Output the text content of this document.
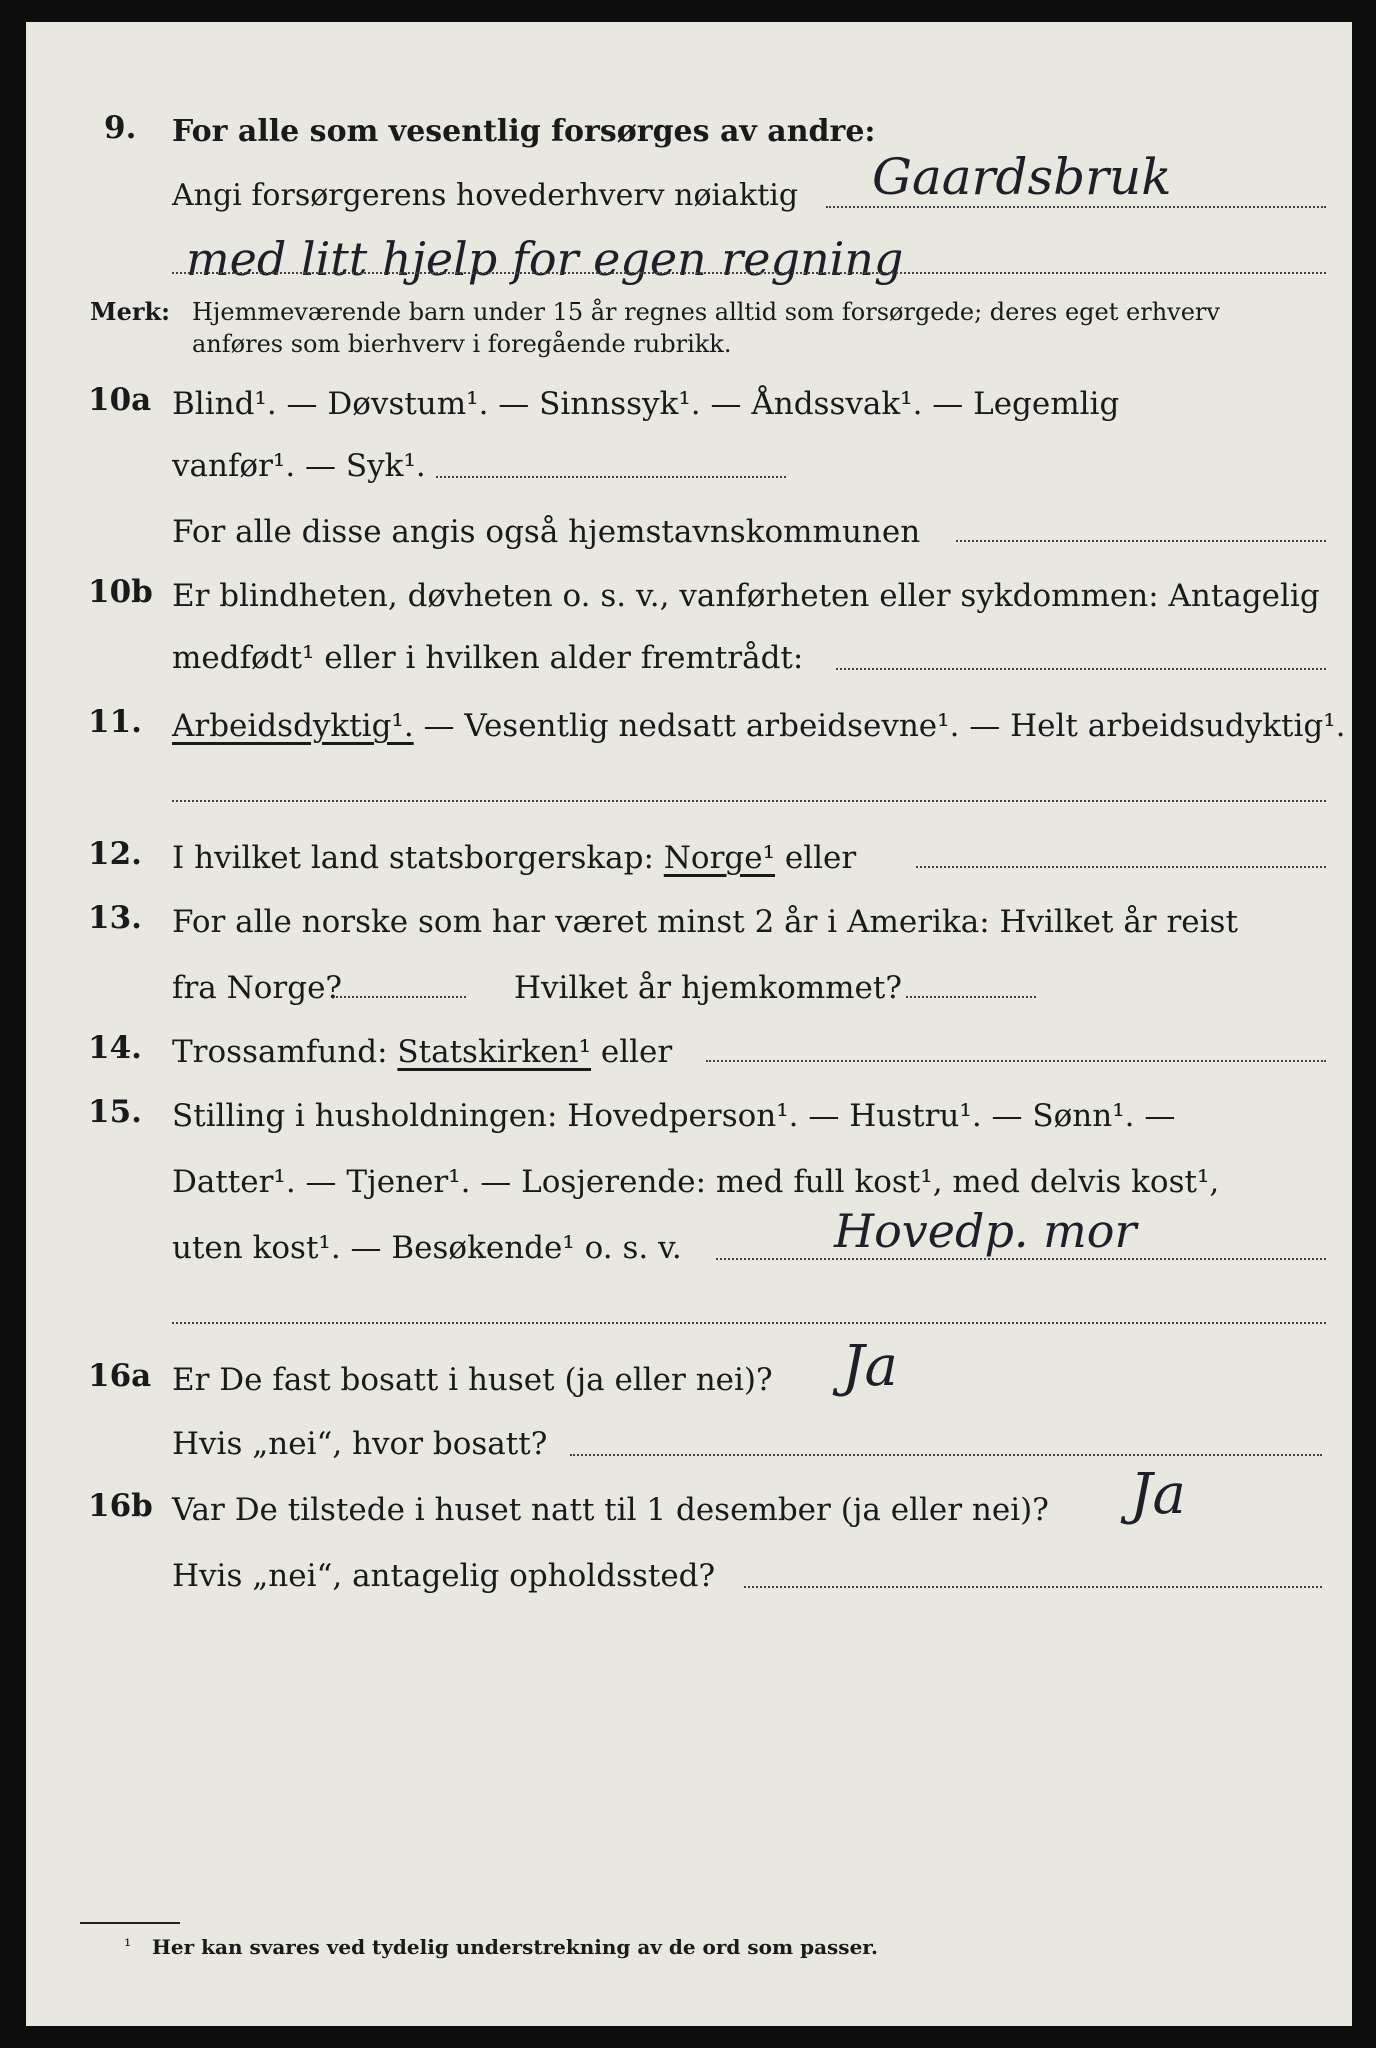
9. For alle som vesentlig forsørges av andre:
Angi forsørgerens hovederhverv nøiaktig Gaardsbruk
med litt hjelp for egen regning
Merk: Hjemmeværende barn under 15 år regnes alltid som forsørgede; deres eget erhverv
anføres som bierhverv i foregående rubrikk.
10a Blind¹. — Døvstum¹. — Sinnssyk¹. — Åndssvak¹. — Legemlig
vanfør¹. — Syk¹.
For alle disse angis også hjemstavnskommunen
10b Er blindheten, døvheten o. s. v., vanførheten eller sykdommen: Antagelig
medfødt¹ eller i hvilken alder fremtrådt:
11. Arbeidsdyktig¹. — Vesentlig nedsatt arbeidsevne¹. — Helt arbeidsudyktig¹.
12. I hvilket land statsborgerskap: Norge¹ eller
13. For alle norske som har været minst 2 år i Amerika: Hvilket år reist
fra Norge?	Hvilket år hjemkommet?
14. Trossamfund: Statskirken¹ eller
15. Stilling i husholdningen: Hovedperson¹. — Hustru¹. — Sønn¹. —
Datter¹. — Tjener¹. — Losjerende: med full kost¹, med delvis kost¹,
uten kost¹. — Besøkende¹ o. s. v.	Hovedp. mor
16a Er De fast bosatt i huset (ja eller nei)? Ja
Hvis „nei“, hvor bosatt?
16b Var De tilstede i huset natt til 1 desember (ja eller nei)? Ja
Hvis „nei“, antagelig opholdssted?
¹ Her kan svares ved tydelig understrekning av de ord som passer.
